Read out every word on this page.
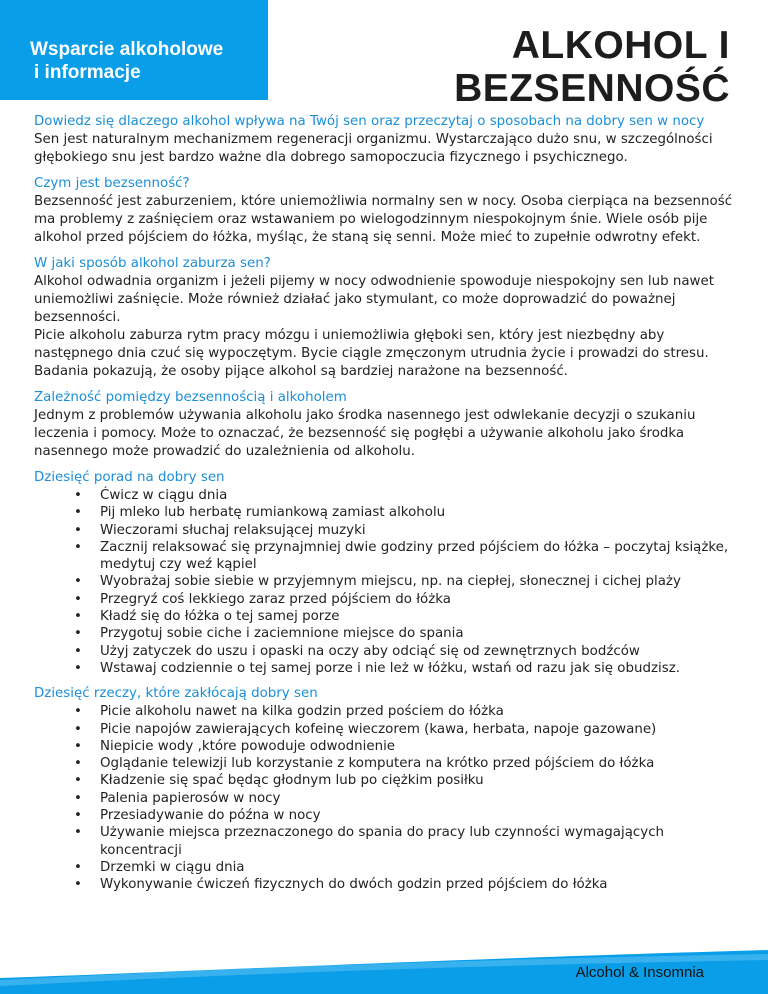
Wsparcie alkoholowe
i informacje
ALKOHOL I
BEZSENNOŚĆ
Dowiedz się dlaczego alkohol wpływa na Twój sen oraz przeczytaj o sposobach na dobry sen w nocy

Sen jest naturalnym mechanizmem regeneracji organizmu. Wystarczająco dużo snu, w szczególności głębokiego snu jest bardzo ważne dla dobrego samopoczucia fizycznego i psychicznego.

Czym jest bezsenność?

Bezsenność jest zaburzeniem, które uniemożliwia normalny sen w nocy. Osoba cierpiąca na bezsenność ma problemy z zaśnięciem oraz wstawaniem po wielogodzinnym niespokojnym śnie. Wiele osób pije alkohol przed pójściem do łóżka, myśląc, że staną się senni. Może mieć to zupełnie odwrotny efekt.

W jaki sposób alkohol zaburza sen?

Alkohol odwadnia organizm i jeżeli pijemy w nocy odwodnienie spowoduje niespokojny sen lub nawet uniemożliwi zaśnięcie. Może również działać jako stymulant, co może doprowadzić do poważnej bezsenności.

Picie alkoholu zaburza rytm pracy mózgu i uniemożliwia głęboki sen, który jest niezbędny aby następnego dnia czuć się wypoczętym. Bycie ciągle zmęczonym utrudnia życie i prowadzi do stresu. Badania pokazują, że osoby pijące alkohol są bardziej narażone na bezsenność.

Zależność pomiędzy bezsennością i alkoholem

Jednym z problemów używania alkoholu jako środka nasennego jest odwlekanie decyzji o szukaniu leczenia i pomocy. Może to oznaczać, że bezsenność się pogłębi a używanie alkoholu jako środka nasennego może prowadzić do uzależnienia od alkoholu.

Dziesięć porad na dobry sen
• Ćwicz w ciągu dnia
• Pij mleko lub herbatę rumiankową zamiast alkoholu
• Wieczorami słuchaj relaksującej muzyki
• Zacznij relaksować się przynajmniej dwie godziny przed pójściem do łóżka – poczytaj książke, medytuj czy weź kąpiel
• Wyobrażaj sobie siebie w przyjemnym miejscu, np. na ciepłej, słonecznej i cichej plaży
• Przegryź coś lekkiego zaraz przed pójściem do łóżka
• Kładź się do łóżka o tej samej porze
• Przygotuj sobie ciche i zaciemnione miejsce do spania
• Użyj zatyczek do uszu i opaski na oczy aby odciąć się od zewnętrznych bodźców
• Wstawaj codziennie o tej samej porze i nie leż w łóżku, wstań od razu jak się obudzisz.
Dziesięć rzeczy, które zakłócają dobry sen
• Picie alkoholu nawet na kilka godzin przed pościem do łóżka
• Picie napojów zawierających kofeinę wieczorem (kawa, herbata, napoje gazowane)
• Niepicie wody ,które powoduje odwodnienie
• Oglądanie telewizji lub korzystanie z komputera na krótko przed pójściem do łóżka
• Kładzenie się spać będąc głodnym lub po ciężkim posiłku
• Palenia papierosów w nocy
• Przesiadywanie do późna w nocy
• Używanie miejsca przeznaczonego do spania do pracy lub czynności wymagających koncentracji
• Drzemki w ciągu dnia
• Wykonywanie ćwiczeń fizycznych do dwóch godzin przed pójściem do łóżka
Alcohol & Insomnia
